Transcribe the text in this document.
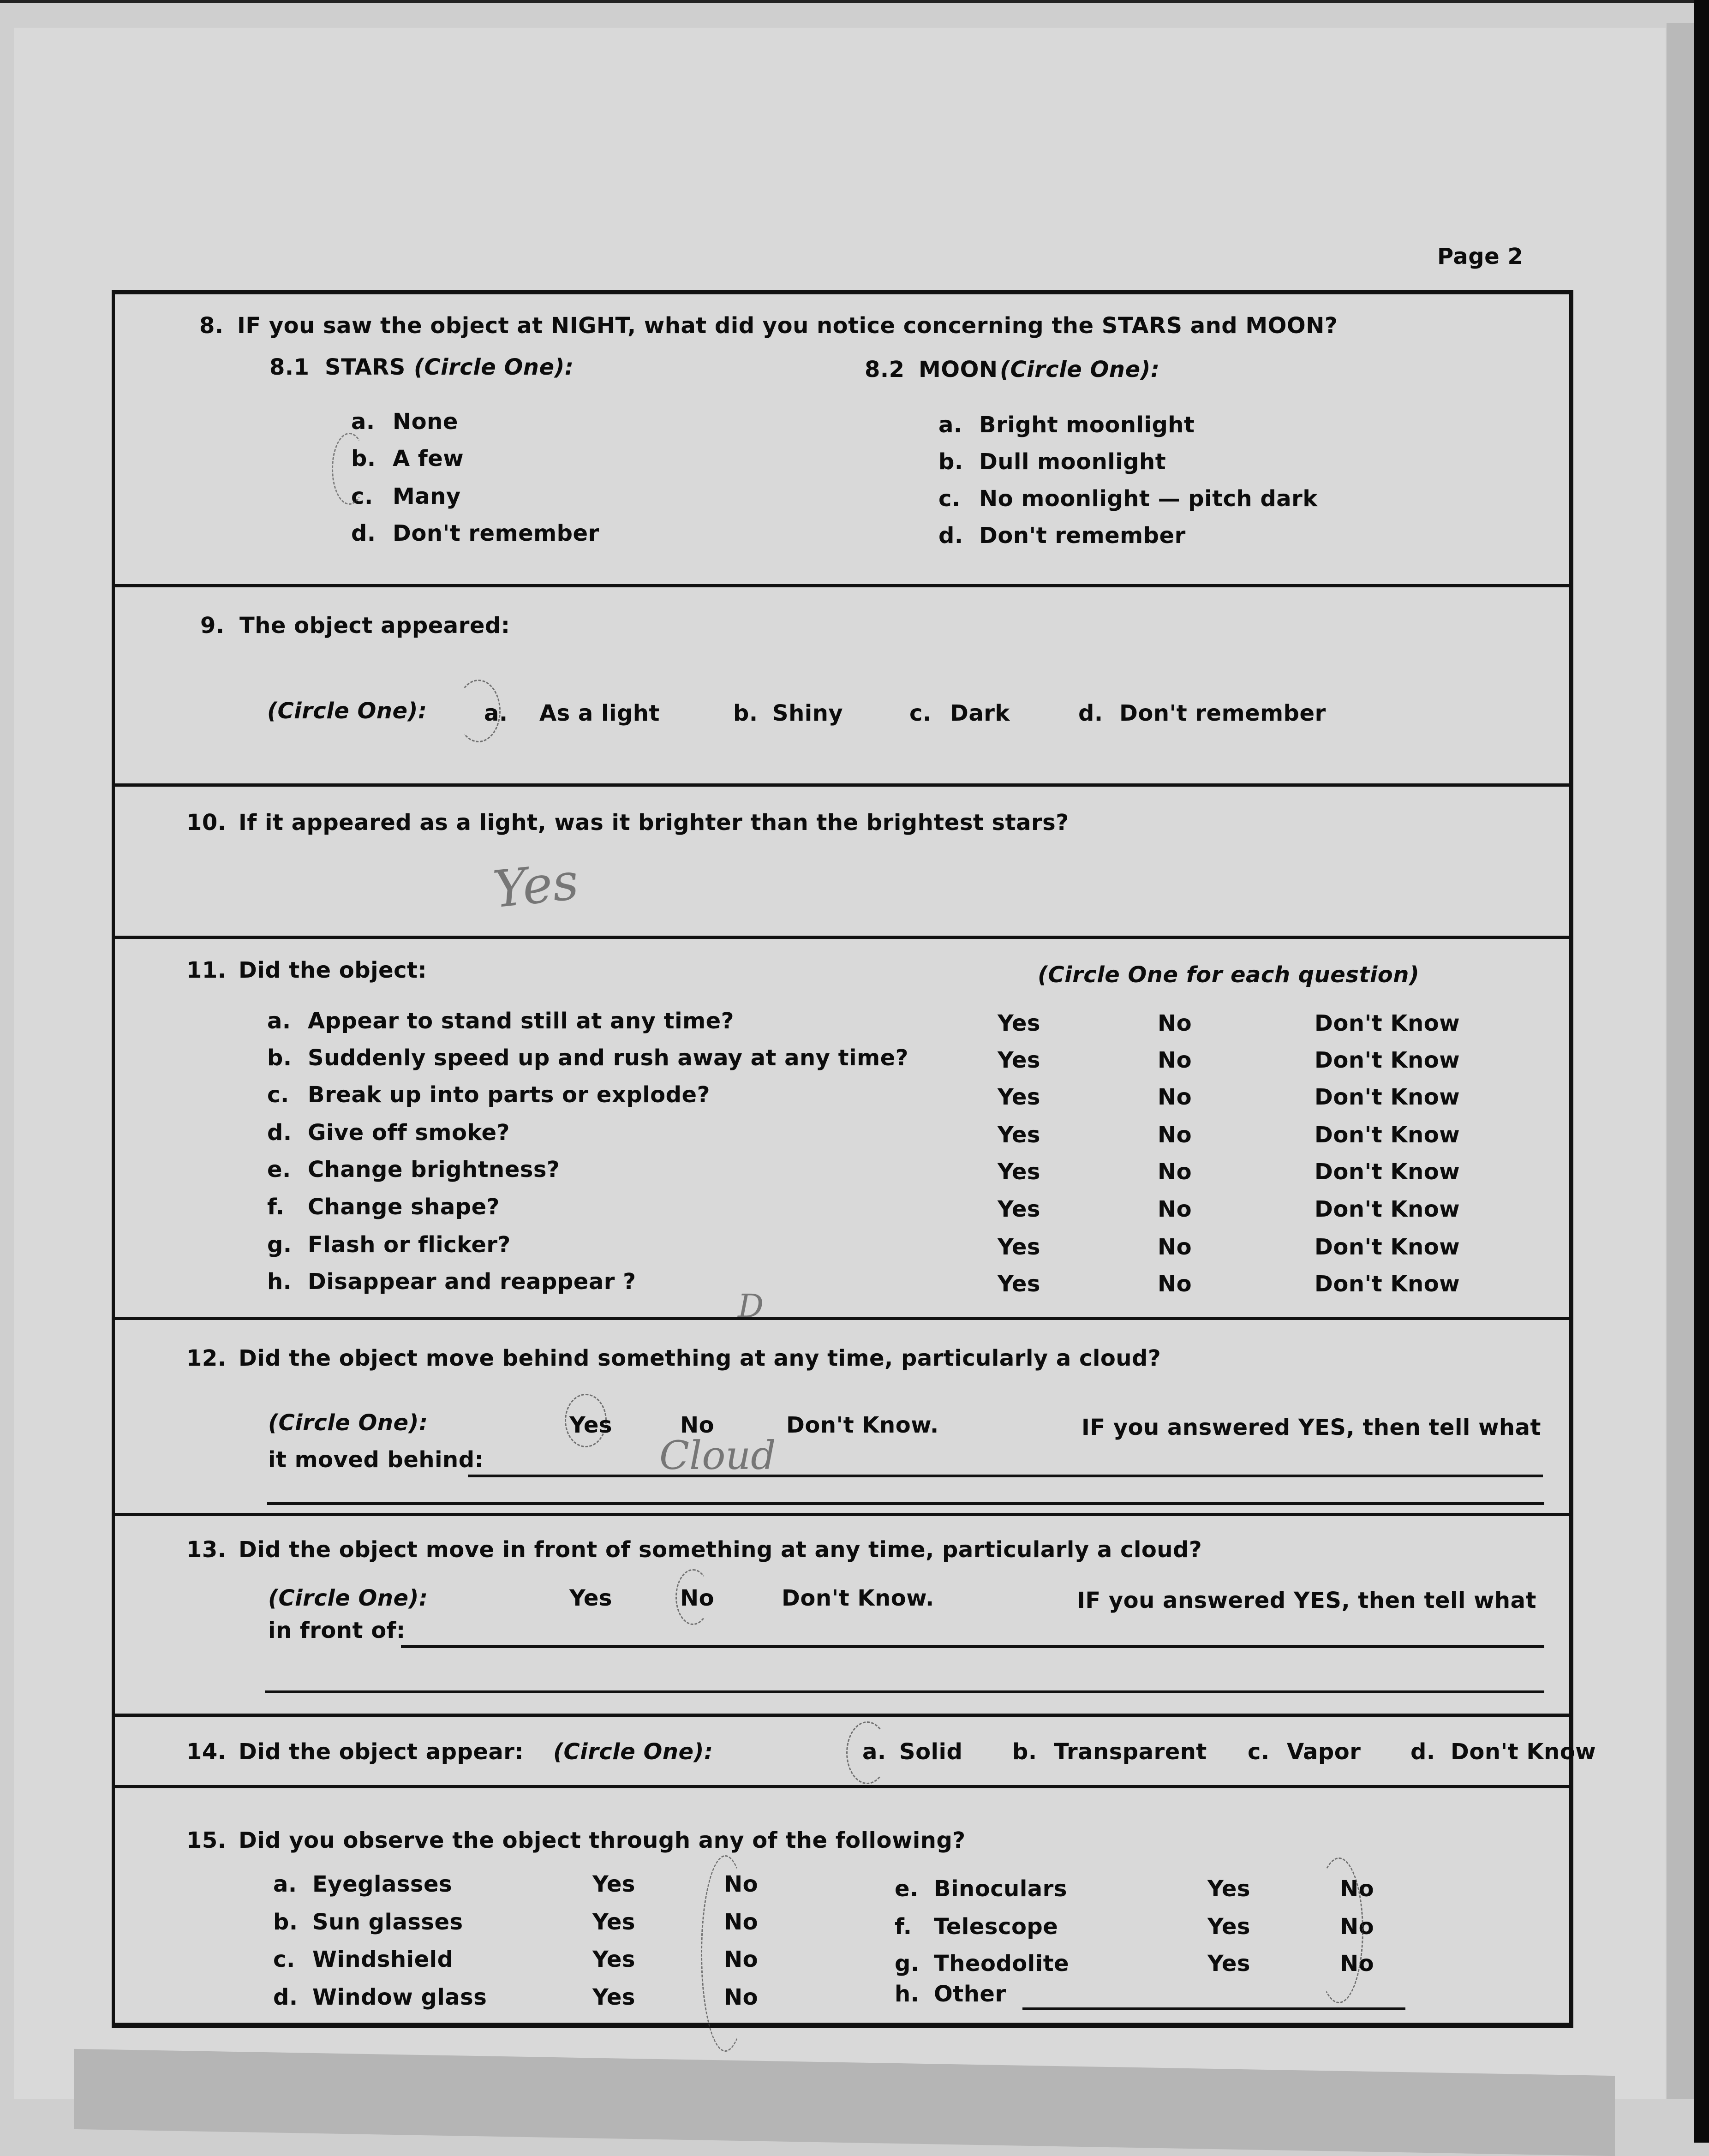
Page 2
8. IF you saw the object at NIGHT, what did you notice concerning the STARS and MOON?
8.1 STARS (Circle One):	8.2 MOON (Circle One):
a. None
b. A few
c. Many
d. Don't remember
a. Bright moonlight
b. Dull moonlight
c. No moonlight — pitch dark
d. Don't remember
9. The object appeared:
(Circle One):	a. As a light	b. Shiny	c. Dark	d. Don't remember
10. If it appeared as a light, was it brighter than the brightest stars?
Yes
11. Did the object:	(Circle One for each question)
a. Appear to stand still at any time?	Yes	No	Don't Know
b. Suddenly speed up and rush away at any time?	Yes	No	Don't Know
c. Break up into parts or explode?	Yes	No	Don't Know
d. Give off smoke?	Yes	No	Don't Know
e. Change brightness?	Yes	No	Don't Know
f. Change shape?	Yes	No	Don't Know
g. Flash or flicker?	Yes	No	Don't Know
h. Disappear and reappear ?	Yes	No	Don't Know
D
12. Did the object move behind something at any time, particularly a cloud?
(Circle One):	Yes	No	Don't Know.	IF you answered YES, then tell what
it moved behind:	Cloud
13. Did the object move in front of something at any time, particularly a cloud?
(Circle One):	Yes	No	Don't Know.	IF you answered YES, then tell what
in front of:
14. Did the object appear: (Circle One):	a. Solid b. Transparent c. Vapor d. Don't Know
15. Did you observe the object through any of the following?
a. Eyeglasses	Yes	No
b. Sun glasses	Yes	No
c. Windshield	Yes	No
d. Window glass	Yes	No
e. Binoculars	Yes	No
f. Telescope	Yes	No
g. Theodolite	Yes	No
h. Other
